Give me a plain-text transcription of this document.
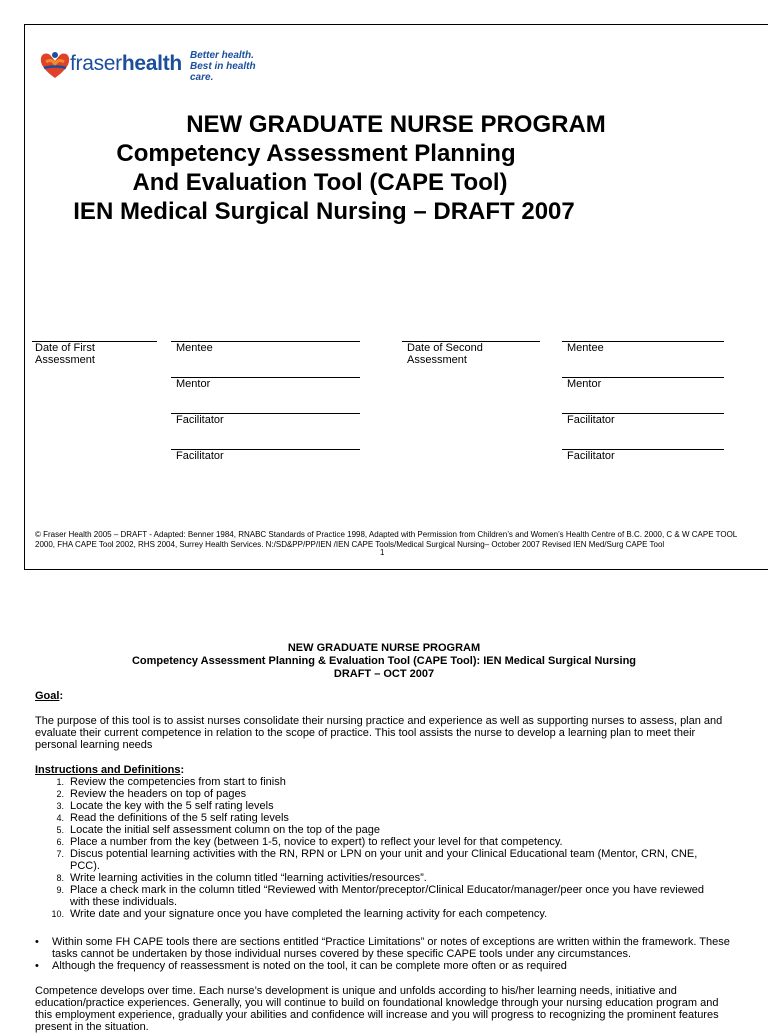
fraserhealth Better health.
Best in health care.
NEW GRADUATE NURSE PROGRAM
Competency Assessment Planning
And Evaluation Tool (CAPE Tool)
IEN Medical Surgical Nursing – DRAFT 2007
Date of First
Assessment
Mentee
Mentor
Facilitator
Facilitator
Date of Second
Assessment
Mentee
Mentor
Facilitator
Facilitator
© Fraser Health 2005 – DRAFT - Adapted: Benner 1984, RNABC Standards of Practice 1998, Adapted with Permission from Children’s and Women’s Health Centre of B.C. 2000, C & W CAPE TOOL
2000, FHA CAPE Tool 2002, RHS 2004, Surrey Health Services. N:/SD&PP/PP/IEN /IEN CAPE Tools/Medical Surgical Nursing– October 2007 Revised IEN Med/Surg CAPE Tool
1
NEW GRADUATE NURSE PROGRAM
Competency Assessment Planning & Evaluation Tool (CAPE Tool): IEN Medical Surgical Nursing
DRAFT – OCT 2007
Goal:
The purpose of this tool is to assist nurses consolidate their nursing practice and experience as well as supporting nurses to assess, plan and evaluate their current competence in relation to the scope of practice. This tool assists the nurse to develop a learning plan to meet their personal learning needs
Instructions and Definitions:
1. Review the competencies from start to finish
2. Review the headers on top of pages
3. Locate the key with the 5 self rating levels
4. Read the definitions of the 5 self rating levels
5. Locate the initial self assessment column on the top of the page
6. Place a number from the key (between 1-5, novice to expert) to reflect your level for that competency.
7. Discus potential learning activities with the RN, RPN or LPN on your unit and your Clinical Educational team (Mentor, CRN, CNE, PCC).
8. Write learning activities in the column titled “learning activities/resources”.
9. Place a check mark in the column titled “Reviewed with Mentor/preceptor/Clinical Educator/manager/peer once you have reviewed with these individuals.
10. Write date and your signature once you have completed the learning activity for each competency.
• Within some FH CAPE tools there are sections entitled “Practice Limitations” or notes of exceptions are written within the framework. These tasks cannot be undertaken by those individual nurses covered by these specific CAPE tools under any circumstances.
• Although the frequency of reassessment is noted on the tool, it can be complete more often or as required
Competence develops over time. Each nurse’s development is unique and unfolds according to his/her learning needs, initiative and education/practice experiences. Generally, you will continue to build on foundational knowledge through your nursing education program and this employment experience, gradually your abilities and confidence will increase and you will progress to recognizing the prominent features present in the situation.
